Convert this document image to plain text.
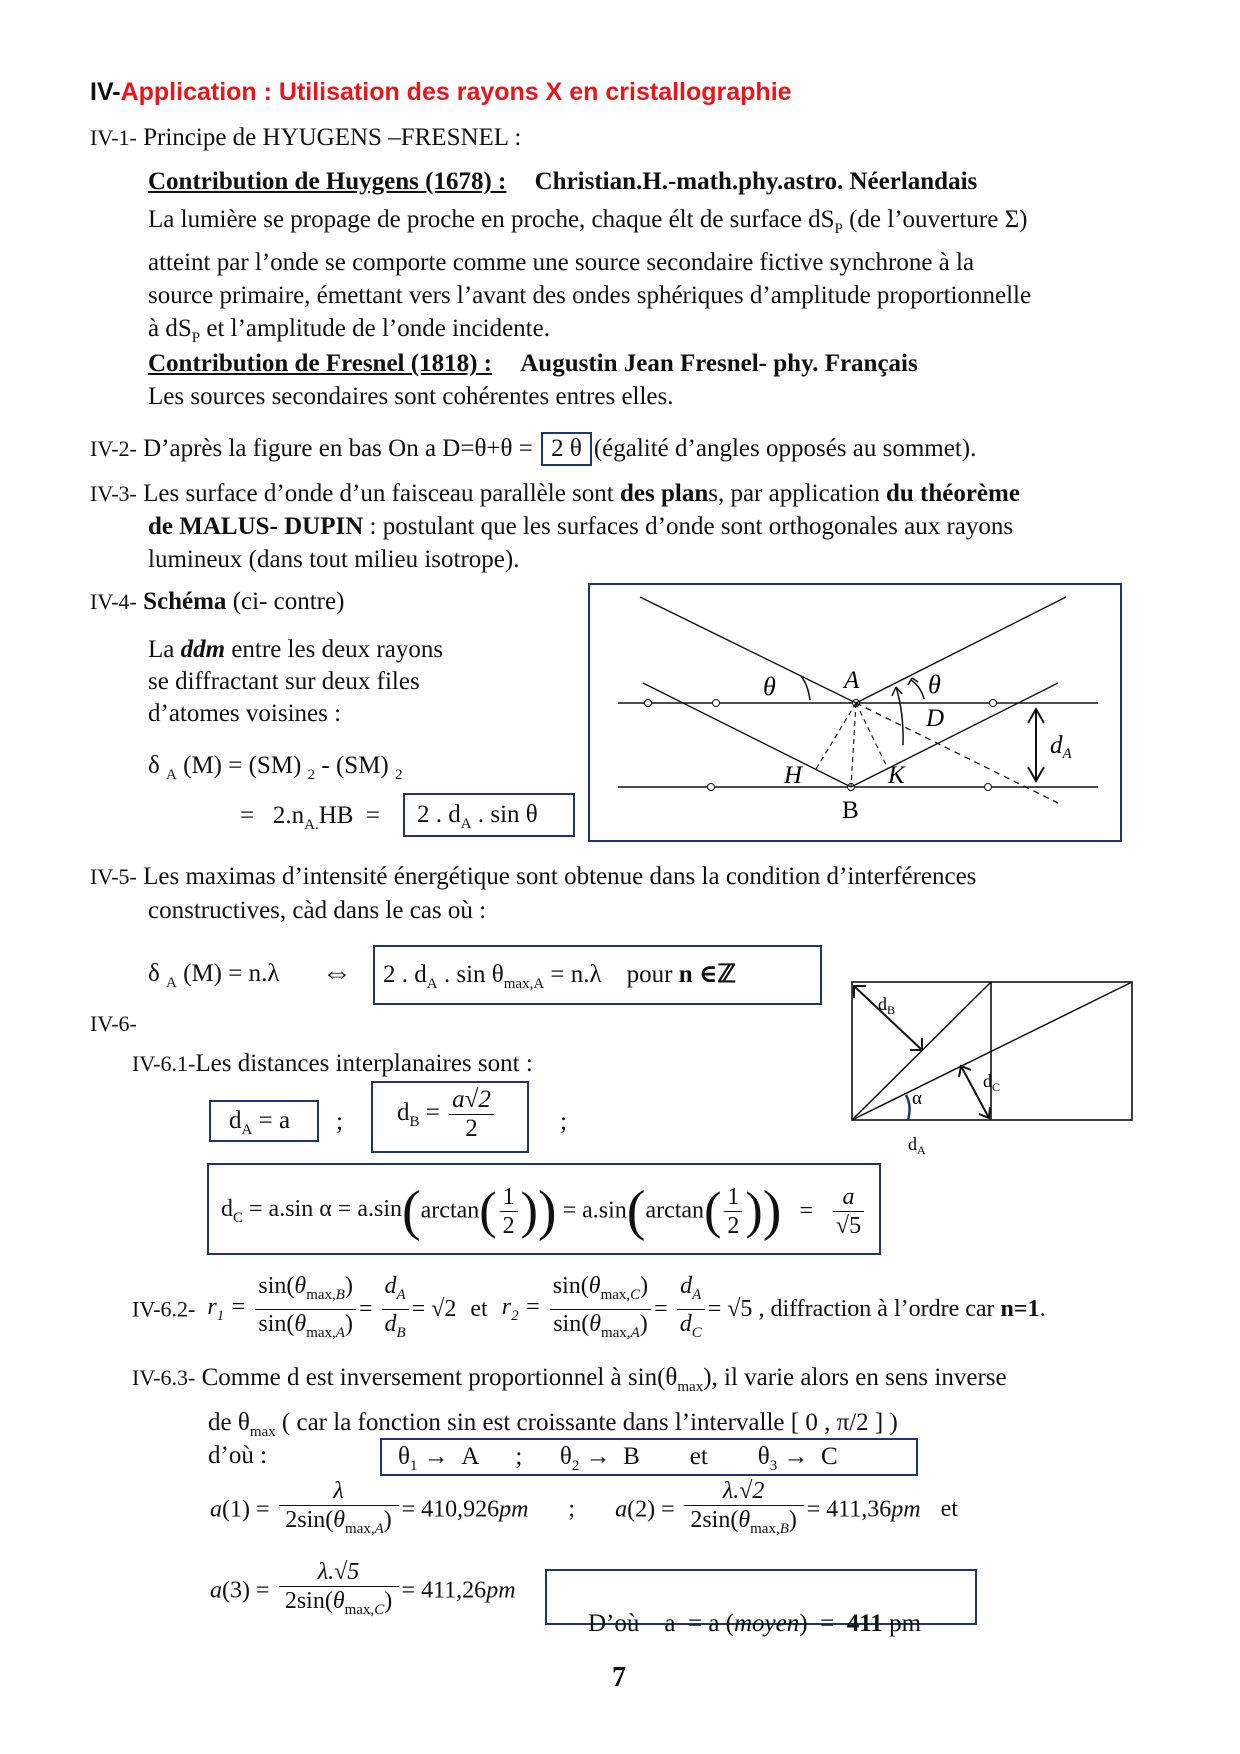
IV-Application : Utilisation des rayons X en cristallographie
IV-1- Principe de HYUGENS –FRESNEL :
Contribution de Huygens (1678) : Christian.H.-math.phy.astro. Néerlandais
La lumière se propage de proche en proche, chaque élt de surface $dS_P$ (de l’ouverture Σ)
atteint par l’onde se comporte comme une source secondaire fictive synchrone à la
source primaire, émettant vers l’avant des ondes sphériques d’amplitude proportionnelle
à $dS_P$ et l’amplitude de l’onde incidente.
Contribution de Fresnel (1818) : Augustin Jean Fresnel- phy. Français
Les sources secondaires sont cohérentes entres elles.
IV-2- D’après la figure en bas On a D=θ+θ = 2 θ (égalité d’angles opposés au sommet).
IV-3- Les surface d’onde d’un faisceau parallèle sont des plans, par application du théorème
de MALUS- DUPIN : postulant que les surfaces d’onde sont orthogonales aux rayons
lumineux (dans tout milieu isotrope).
IV-4- Schéma (ci- contre)
La ddm entre les deux rayons
se diffractant sur deux files
d’atomes voisines :
δ $_A$ (M) = (SM) $_2$ - (SM) $_2$
=   $2.n_{A.}HB = 2$ . $d_A$ . sin θ
θ	A	θ
D
$d_A$
H	K
B
IV-5- Les maximas d’intensité énergétique sont obtenue dans la condition d’interférences
constructives, càd dans le cas où :
δ $_A$ (M) = n.λ ⇔ 2 . $d_A$ . $\sin \theta_{max,A} = n.\lambda$    pour n ∈ℤ
IV-6-
$d_B$
$d_C$
α
$d_A$
IV-6.1-Les distances interplanaires sont :
$d_A = a$ ; $d_B = \frac{a√2}{2}$	;
$d_C = a.\sin$ $\alpha = a.\sin(\arctan( \frac{1}{2}$ )) = $a.\sin(\arctan( \frac{1}{2}$ )) = $\frac{a}{√5}$
IV-6.2- $r_1 = \frac{\sin(\theta_{max,B})}{\sin(\theta_{max,A})} = \frac{d_A}{d_B} = √2$ et $r_2 = \frac{\sin(\theta_{max,C})}{\sin(\theta_{max,A})} = \frac{d_A}{d_C} = √5$ , diffraction à l’ordre car n=1.
IV-6.3- Comme d est inversement proportionnel à $\sin(\theta_{max})$, il varie alors en sens inverse
de $\theta_{max}$ ( car la fonction sin est croissante dans l’intervalle [ 0 , π/2 ] )
d’où :	$\theta_1 \to A$      ;      $\theta_2 \to B$        et        $\theta_3 \to C$
$a(1) = \frac{\lambda}{2\sin(\theta_{max,A})} = 410,926pm$ ; $a(2) = \frac{\lambda.√2}{2\sin(\theta_{max,B})} = 411,36pm$ et
$a(3) = \frac{\lambda.√5}{2\sin(\theta_{max,C})} = 411,26pm$

D’où    a  = a (moyen)  =  411 pm

7
